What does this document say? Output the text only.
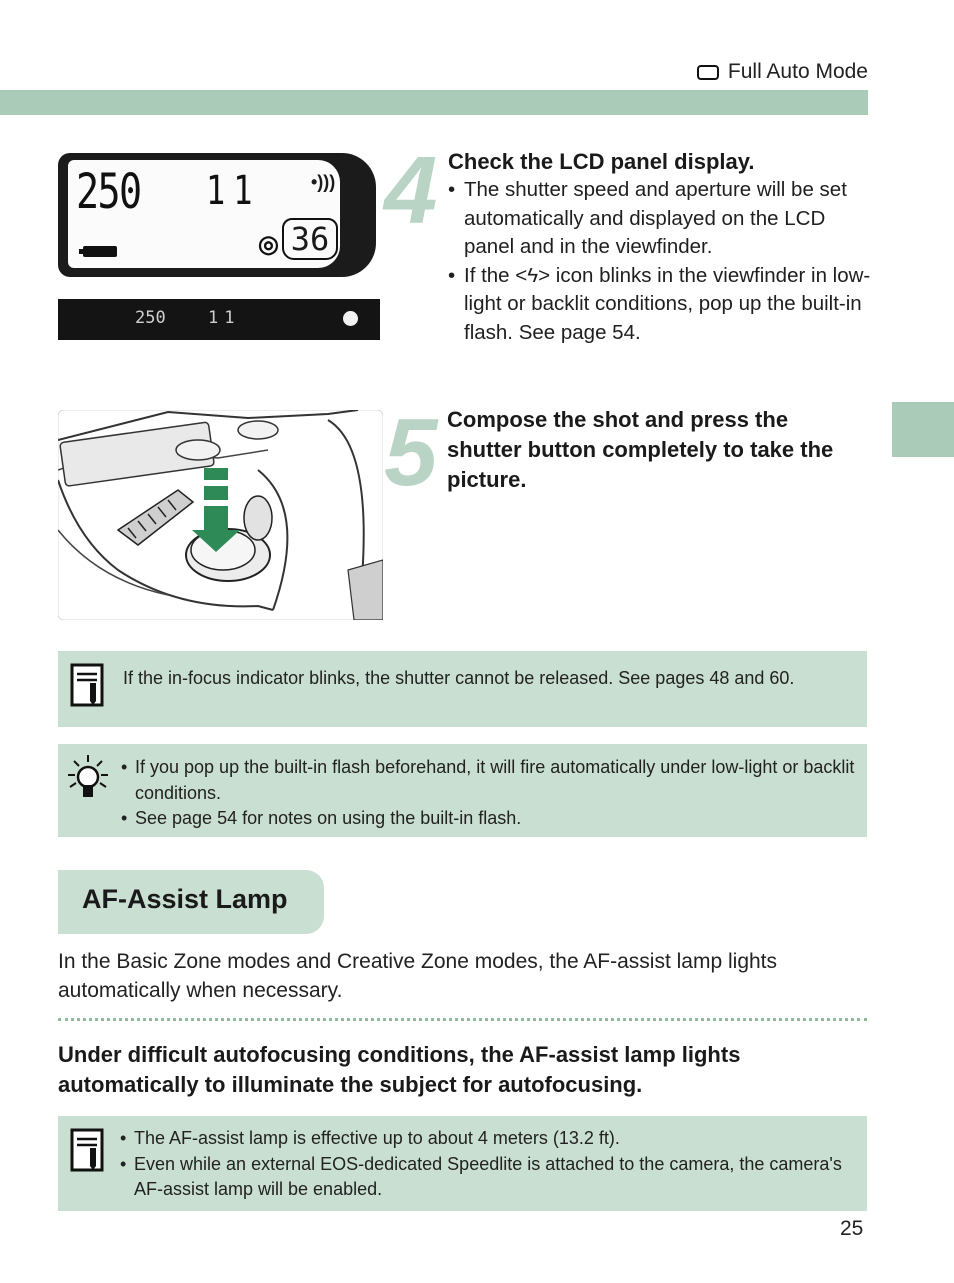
Full Auto Mode
250 11	•)))
◎ 36
250 11
4 Check the LCD panel display.
• The shutter speed and aperture will be set automatically and displayed on the LCD panel and in the viewfinder.
• If the <ϟ> icon blinks in the viewfinder in low-light or backlit conditions, pop up the built-in flash. See page 54.
5 Compose the shot and press the shutter button completely to take the picture.
If the in-focus indicator blinks, the shutter cannot be released. See pages 48 and 60.
• If you pop up the built-in flash beforehand, it will fire automatically under low-light or backlit conditions.
• See page 54 for notes on using the built-in flash.
AF-Assist Lamp
In the Basic Zone modes and Creative Zone modes, the AF-assist lamp lights automatically when necessary.
Under difficult autofocusing conditions, the AF-assist lamp lights automatically to illuminate the subject for autofocusing.
• The AF-assist lamp is effective up to about 4 meters (13.2 ft).
• Even while an external EOS-dedicated Speedlite is attached to the camera, the camera's AF-assist lamp will be enabled.
25
